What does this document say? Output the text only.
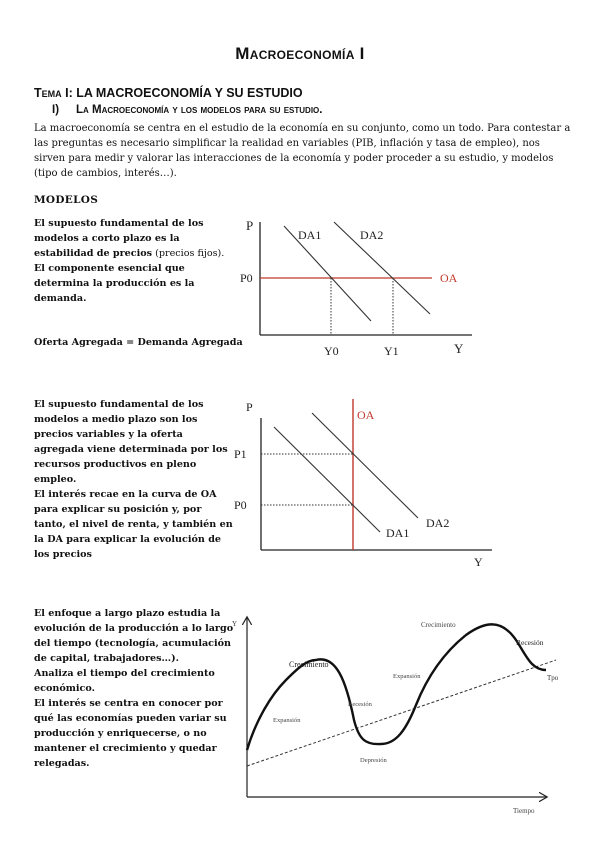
Macroeconomía I
Tema I: LA MACROECONOMÍA Y SU ESTUDIO
I) La Macroeconomía y los modelos para su estudio.
La macroeconomía se centra en el estudio de la economía en su conjunto, como un todo. Para contestar a las preguntas es necesario simplificar la realidad en variables (PIB, inflación y tasa de empleo), nos sirven para medir y valorar las interacciones de la economía y poder proceder a su estudio, y modelos (tipo de cambios, interés…).
MODELOS

El supuesto fundamental de los modelos a corto plazo es la estabilidad de precios (precios fijos).

El componente esencial que determina la producción es la demanda.

Oferta Agregada = Demanda Agregada
P
DA1	DA2
P0	OA
Y0	Y1	Y

El supuesto fundamental de los modelos a medio plazo son los precios variables y la oferta agregada viene determinada por los recursos productivos en pleno empleo.

El interés recae en la curva de OA para explicar su posición y, por tanto, el nivel de renta, y también en la DA para explicar la evolución de los precios

P
OA
P1
P0
DA2
DA1
Y

El enfoque a largo plazo estudia la evolución de la producción a lo largo del tiempo (tecnología, acumulación de capital, trabajadores…).

Analiza el tiempo del crecimiento económico.

El interés se centra en conocer por qué las economías pueden variar su producción y enriquecerse, o no mantener el crecimiento y quedar relegadas.

Y
Crecimiento
Expansión
Recesión
Depresión
Expansión
Crecimiento
Recesión
Tpo
Tiempo
